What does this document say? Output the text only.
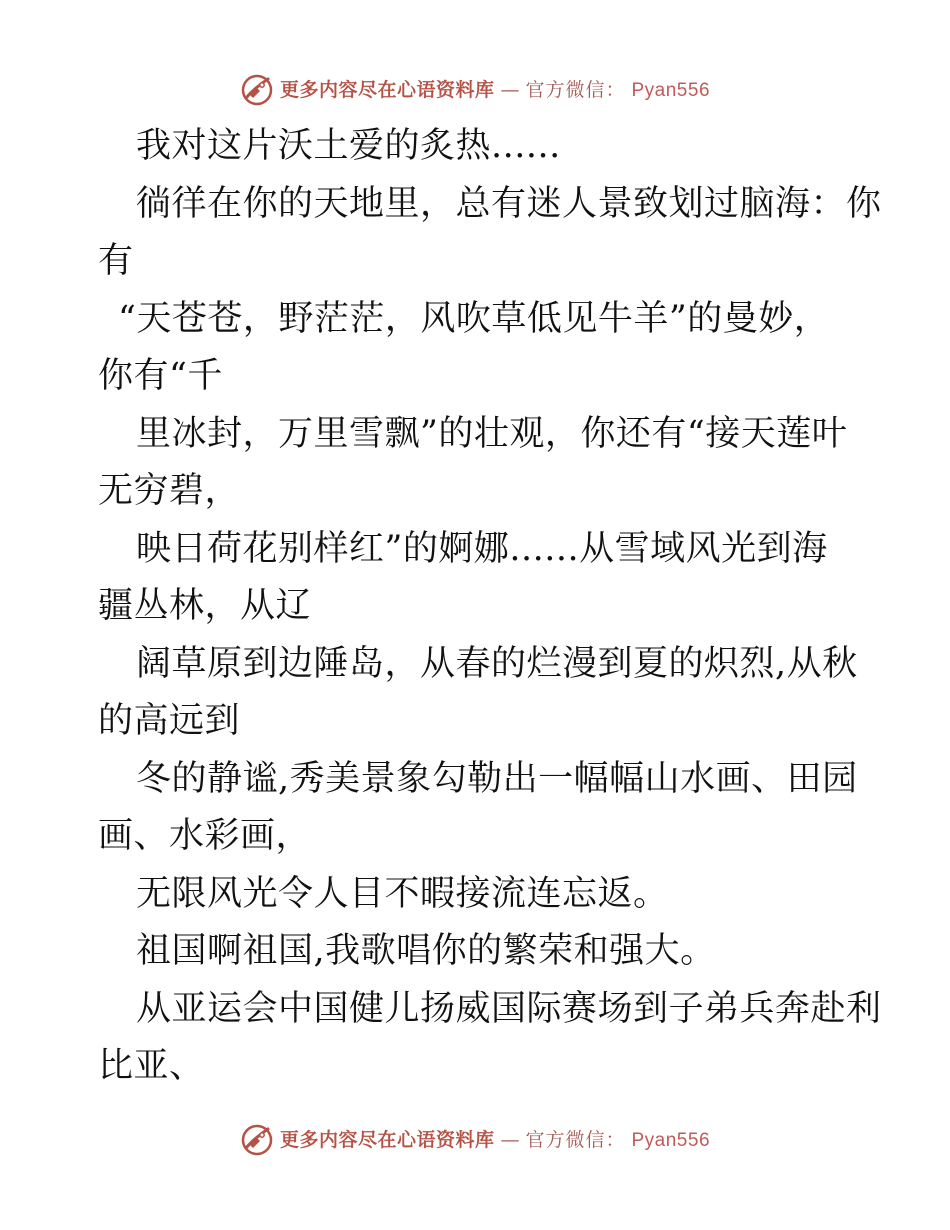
更多内容尽在心语资料库 — 官方微信： Pyan556
我对这片沃土爱的炙热......
徜徉在你的天地里，总有迷人景致划过脑海：你
有
“天苍苍，野茫茫，风吹草低见牛羊”的曼妙，
你有“千
里冰封，万里雪飘”的壮观，你还有“接天莲叶
无穷碧，
映日荷花别样红”的婀娜......从雪域风光到海
疆丛林，从辽
阔草原到边陲岛，从春的烂漫到夏的炽烈,从秋
的高远到
冬的静谧,秀美景象勾勒出一幅幅山水画、田园
画、水彩画，
无限风光令人目不暇接流连忘返。
祖国啊祖国,我歌唱你的繁荣和强大。
从亚运会中国健儿扬威国际赛场到子弟兵奔赴利
比亚、
更多内容尽在心语资料库 — 官方微信： Pyan556
